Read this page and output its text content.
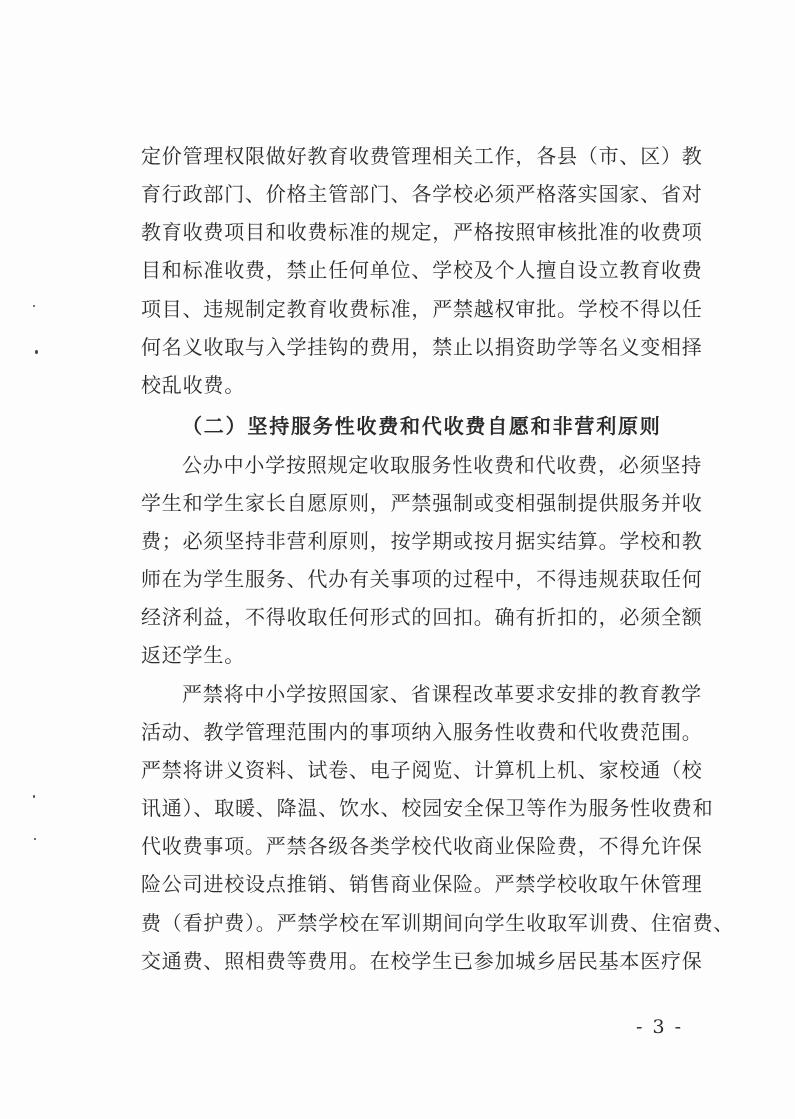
定价管理权限做好教育收费管理相关工作，各县（市、区）教
育行政部门、价格主管部门、各学校必须严格落实国家、省对
教育收费项目和收费标准的规定，严格按照审核批准的收费项
目和标准收费，禁止任何单位、学校及个人擅自设立教育收费
项目、违规制定教育收费标准，严禁越权审批。学校不得以任
何名义收取与入学挂钩的费用，禁止以捐资助学等名义变相择
校乱收费。
（二）坚持服务性收费和代收费自愿和非营利原则
公办中小学按照规定收取服务性收费和代收费，必须坚持
学生和学生家长自愿原则，严禁强制或变相强制提供服务并收
费；必须坚持非营利原则，按学期或按月据实结算。学校和教
师在为学生服务、代办有关事项的过程中，不得违规获取任何
经济利益，不得收取任何形式的回扣。确有折扣的，必须全额
返还学生。
严禁将中小学按照国家、省课程改革要求安排的教育教学
活动、教学管理范围内的事项纳入服务性收费和代收费范围。
严禁将讲义资料、试卷、电子阅览、计算机上机、家校通（校
讯通）、取暖、降温、饮水、校园安全保卫等作为服务性收费和
代收费事项。严禁各级各类学校代收商业保险费，不得允许保
险公司进校设点推销、销售商业保险。严禁学校收取午休管理
费（看护费）。严禁学校在军训期间向学生收取军训费、住宿费、
交通费、照相费等费用。在校学生已参加城乡居民基本医疗保
- 3 -
